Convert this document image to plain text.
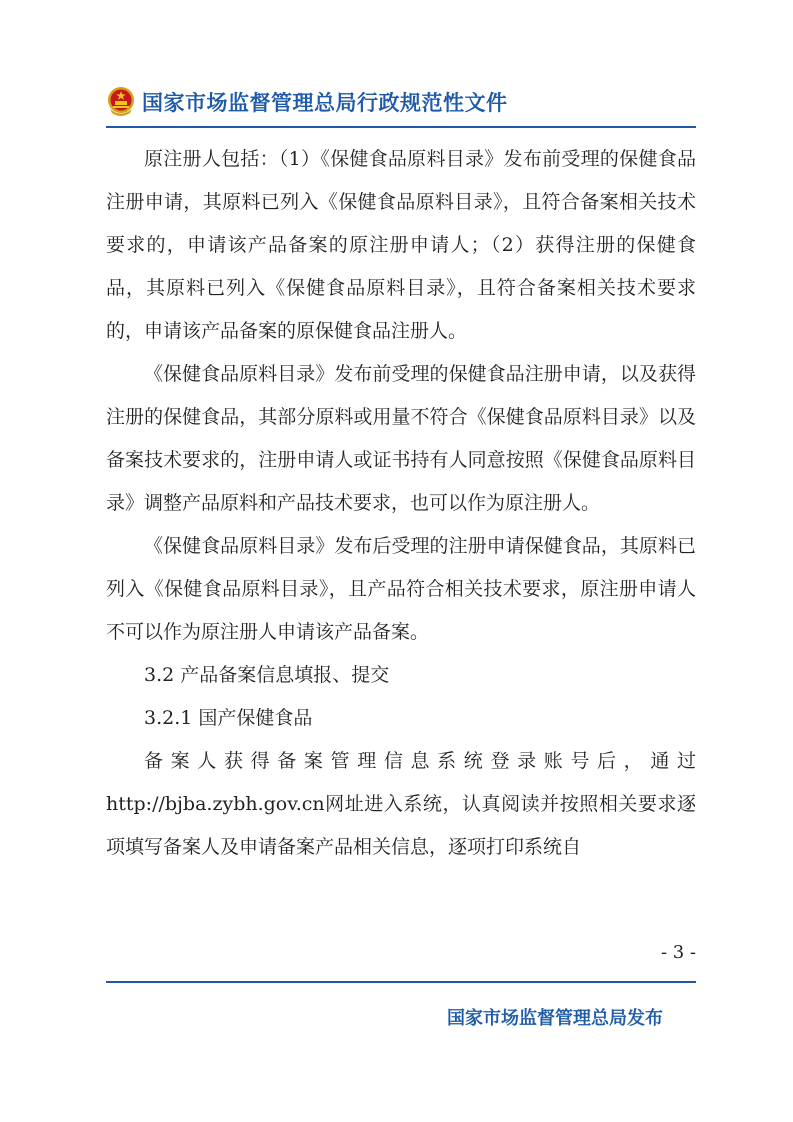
国家市场监督管理总局行政规范性文件

原注册人包括：（1）《保健食品原料目录》发布前受理的保健食品注册申请，其原料已列入《保健食品原料目录》，且符合备案相关技术要求的，申请该产品备案的原注册申请人；（2）获得注册的保健食品，其原料已列入《保健食品原料目录》，且符合备案相关技术要求的，申请该产品备案的原保健食品注册人。

《保健食品原料目录》发布前受理的保健食品注册申请，以及获得注册的保健食品，其部分原料或用量不符合《保健食品原料目录》以及备案技术要求的，注册申请人或证书持有人同意按照《保健食品原料目录》调整产品原料和产品技术要求，也可以作为原注册人。

《保健食品原料目录》发布后受理的注册申请保健食品，其原料已列入《保健食品原料目录》，且产品符合相关技术要求，原注册申请人不可以作为原注册人申请该产品备案。

3.2 产品备案信息填报、提交

3.2.1 国产保健食品

备案人获得备案管理信息系统登录账号后，通过http://bjba.zybh.gov.cn网址进入系统，认真阅读并按照相关要求逐项填写备案人及申请备案产品相关信息，逐项打印系统自

- 3 -
国家市场监督管理总局发布
